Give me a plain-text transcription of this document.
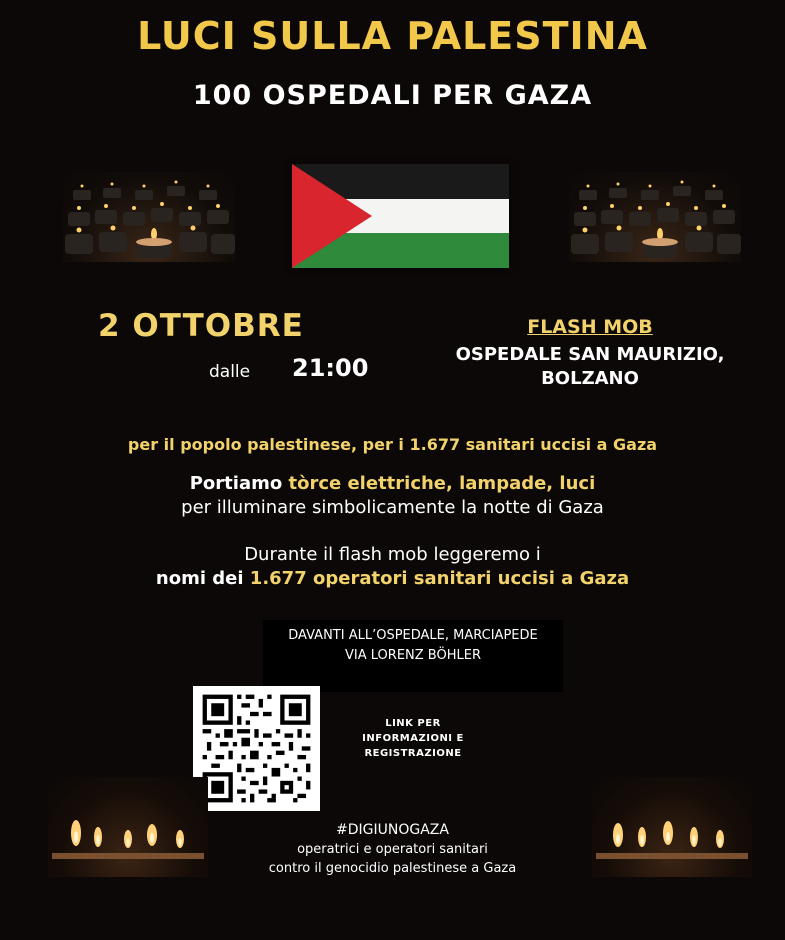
LUCI SULLA PALESTINA
100 OSPEDALI PER GAZA
2 OTTOBRE
dalle 21:00
FLASH MOB
OSPEDALE SAN MAURIZIO,
BOLZANO
per il popolo palestinese, per i 1.677 sanitari uccisi a Gaza
Portiamo tòrce elettriche, lampade, luci
per illuminare simbolicamente la notte di Gaza
Durante il flash mob leggeremo i
nomi dei 1.677 operatori sanitari uccisi a Gaza
DAVANTI ALL’OSPEDALE, MARCIAPEDE
VIA LORENZ BÖHLER
LINK PER
INFORMAZIONI E
REGISTRAZIONE
#DIGIUNOGAZA
operatrici e operatori sanitari
contro il genocidio palestinese a Gaza
